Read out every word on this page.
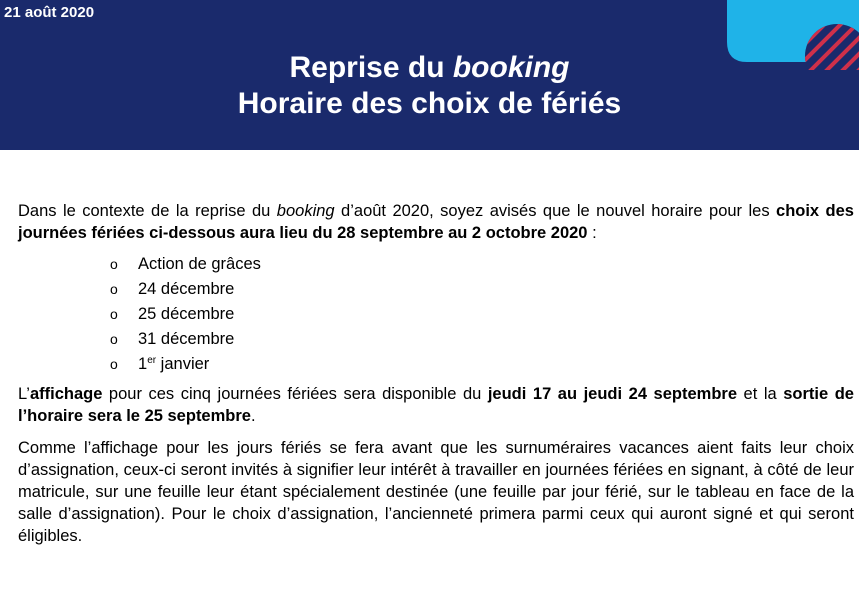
21 août 2020
Reprise du booking
Horaire des choix de fériés

Dans le contexte de la reprise du booking d’août 2020, soyez avisés que le nouvel horaire pour les choix des journées fériées ci-dessous aura lieu du 28 septembre au 2 octobre 2020 :

o Action de grâces
o 24 décembre
o 25 décembre
o 31 décembre
o 1er janvier

L’affichage pour ces cinq journées fériées sera disponible du jeudi 17 au jeudi 24 septembre et la sortie de l’horaire sera le 25 septembre.

Comme l’affichage pour les jours fériés se fera avant que les surnuméraires vacances aient faits leur choix d’assignation, ceux-ci seront invités à signifier leur intérêt à travailler en journées fériées en signant, à côté de leur matricule, sur une feuille leur étant spécialement destinée (une feuille par jour férié, sur le tableau en face de la salle d’assignation). Pour le choix d’assignation, l’ancienneté primera parmi ceux qui auront signé et qui seront éligibles.
